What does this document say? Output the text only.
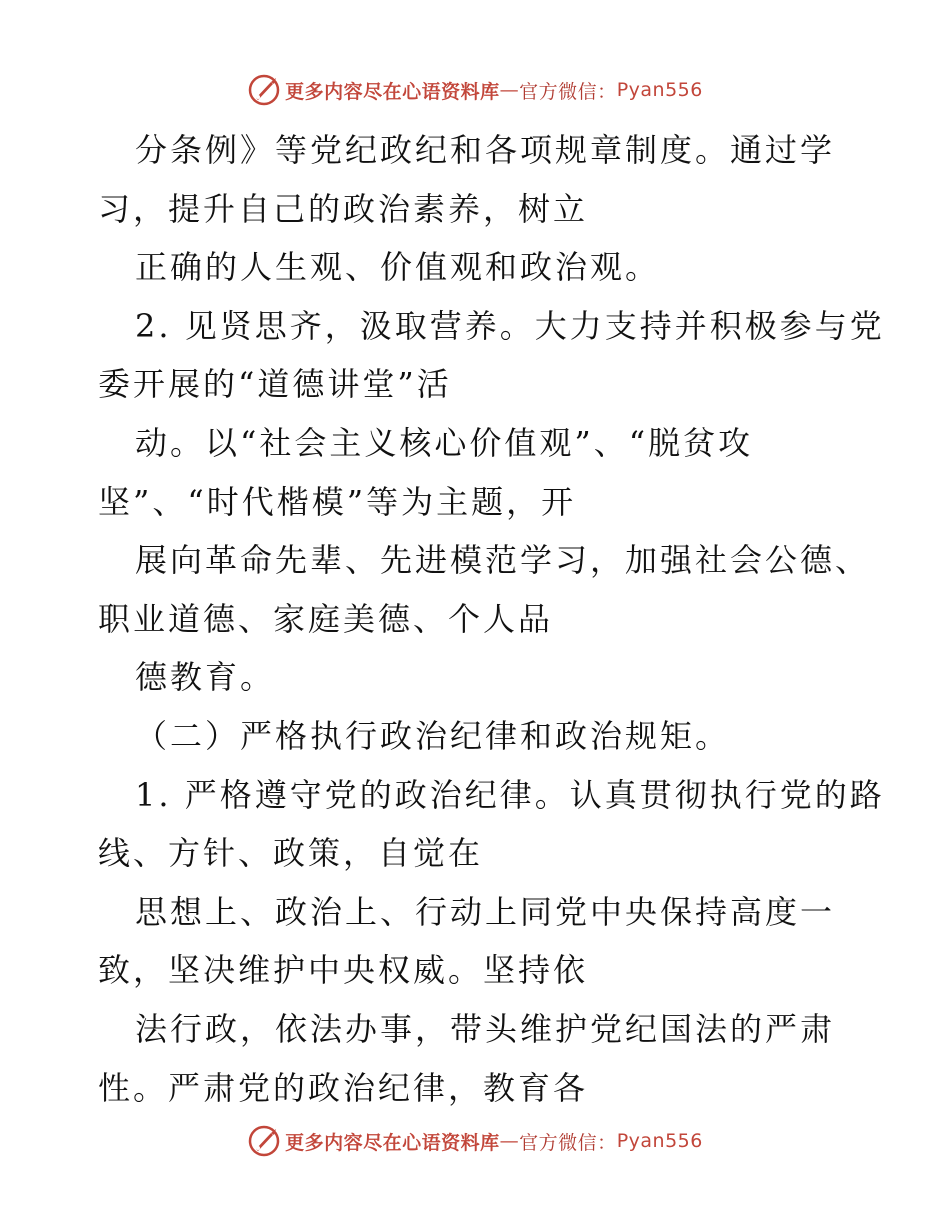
更多内容尽在心语资料库 — 官方微信： Pyan556
分条例》等党纪政纪和各项规章制度。通过学
习，提升自己的政治素养，树立
正确的人生观、价值观和政治观。
2. 见贤思齐，汲取营养。大力支持并积极参与党
委开展的“道德讲堂”活
动。以“社会主义核心价值观”、“脱贫攻
坚”、“时代楷模”等为主题，开
展向革命先辈、先进模范学习，加强社会公德、
职业道德、家庭美德、个人品
德教育。
（二）严格执行政治纪律和政治规矩。
1. 严格遵守党的政治纪律。认真贯彻执行党的路
线、方针、政策，自觉在
思想上、政治上、行动上同党中央保持高度一
致，坚决维护中央权威。坚持依
法行政，依法办事，带头维护党纪国法的严肃
性。严肃党的政治纪律，教育各
更多内容尽在心语资料库 — 官方微信： Pyan556
